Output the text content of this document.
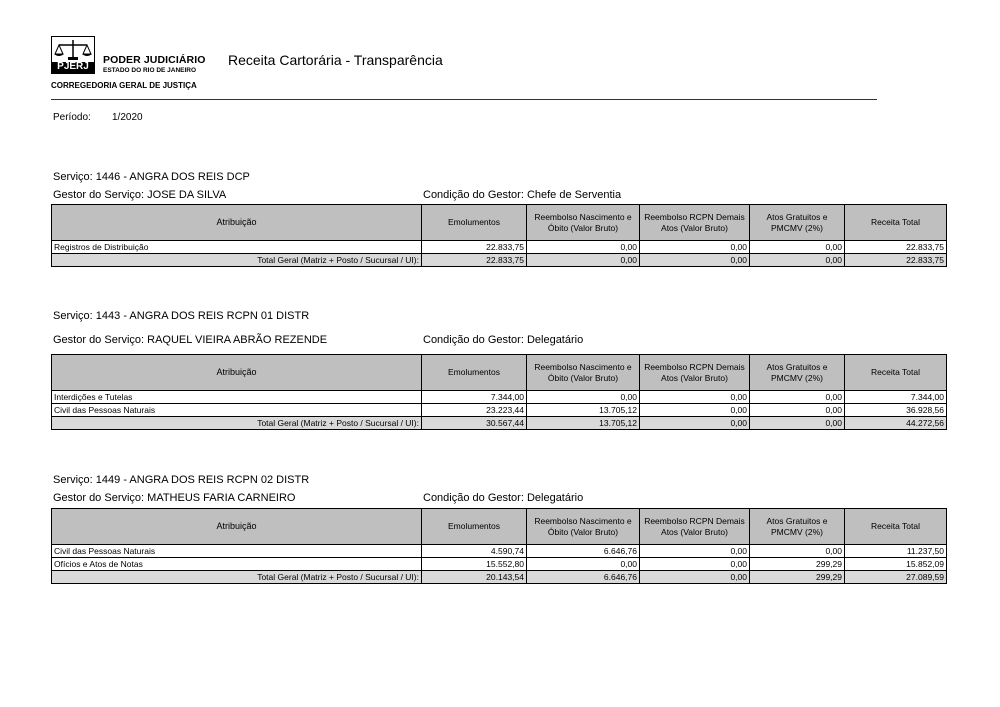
PJERJ
PODER JUDICIÁRIO
ESTADO DO RIO DE JANEIRO
CORREGEDORIA GERAL DE JUSTIÇA
Receita Cartorária - Transparência
Período: 1/2020
Serviço: 1446 - ANGRA DOS REIS DCP
Gestor do Serviço: JOSE DA SILVA	Condição do Gestor: Chefe de Serventia
Atribuição	Emolumentos	Reembolso Nascimento e Óbito (Valor Bruto)	Reembolso RCPN Demais Atos (Valor Bruto)	Atos Gratuitos e PMCMV (2%)	Receita Total
Registros de Distribuição	22.833,75	0,00	0,00	0,00	22.833,75
Total Geral (Matriz + Posto / Sucursal / UI):	22.833,75	0,00	0,00	0,00	22.833,75
Serviço: 1443 - ANGRA DOS REIS RCPN 01 DISTR
Gestor do Serviço: RAQUEL VIEIRA ABRÃO REZENDE	Condição do Gestor: Delegatário
Atribuição	Emolumentos	Reembolso Nascimento e Óbito (Valor Bruto)	Reembolso RCPN Demais Atos (Valor Bruto)	Atos Gratuitos e PMCMV (2%)	Receita Total
Interdições e Tutelas	7.344,00	0,00	0,00	0,00	7.344,00
Civil das Pessoas Naturais	23.223,44	13.705,12	0,00	0,00	36.928,56
Total Geral (Matriz + Posto / Sucursal / UI):	30.567,44	13.705,12	0,00	0,00	44.272,56
Serviço: 1449 - ANGRA DOS REIS RCPN 02 DISTR
Gestor do Serviço: MATHEUS FARIA CARNEIRO	Condição do Gestor: Delegatário
Atribuição	Emolumentos	Reembolso Nascimento e Óbito (Valor Bruto)	Reembolso RCPN Demais Atos (Valor Bruto)	Atos Gratuitos e PMCMV (2%)	Receita Total
Civil das Pessoas Naturais	4.590,74	6.646,76	0,00	0,00	11.237,50
Ofícios e Atos de Notas	15.552,80	0,00	0,00	299,29	15.852,09
Total Geral (Matriz + Posto / Sucursal / UI):	20.143,54	6.646,76	0,00	299,29	27.089,59
